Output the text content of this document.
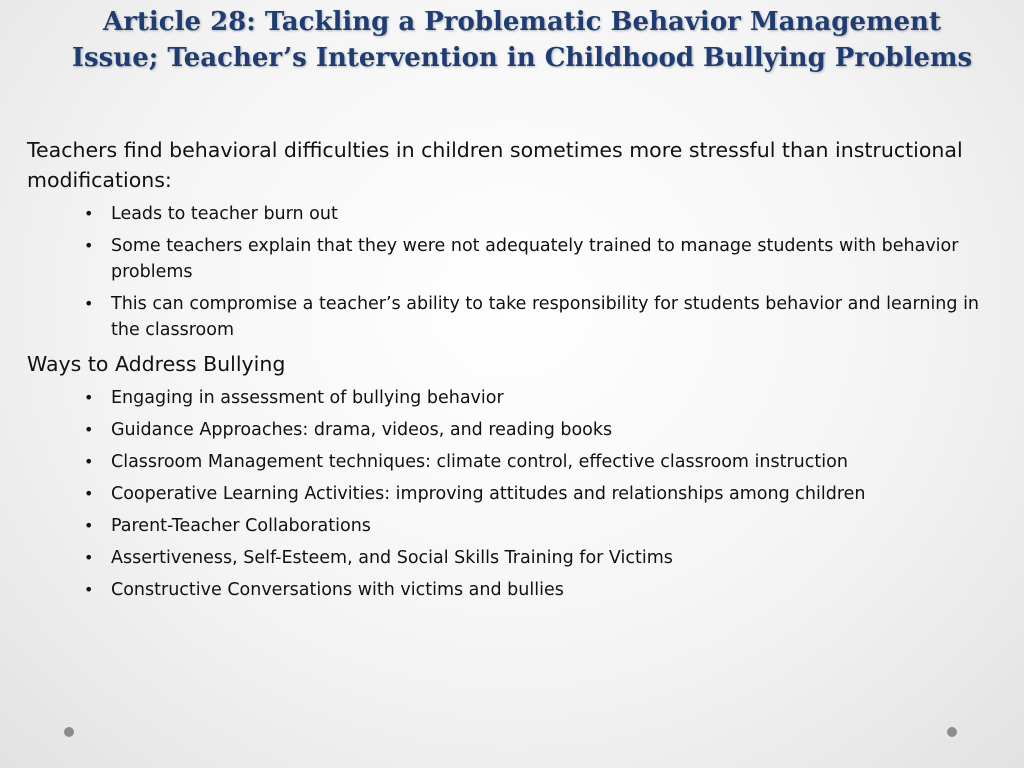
Article 28: Tackling a Problematic Behavior Management Issue; Teacher’s Intervention in Childhood Bullying Problems

Teachers find behavioral difficulties in children sometimes more stressful than instructional modifications:

• Leads to teacher burn out
• Some teachers explain that they were not adequately trained to manage students with behavior problems
• This can compromise a teacher’s ability to take responsibility for students behavior and learning in the classroom

Ways to Address Bullying

• Engaging in assessment of bullying behavior
• Guidance Approaches: drama, videos, and reading books
• Classroom Management techniques: climate control, effective classroom instruction
• Cooperative Learning Activities: improving attitudes and relationships among children
• Parent-Teacher Collaborations
• Assertiveness, Self-Esteem, and Social Skills Training for Victims
• Constructive Conversations with victims and bullies
